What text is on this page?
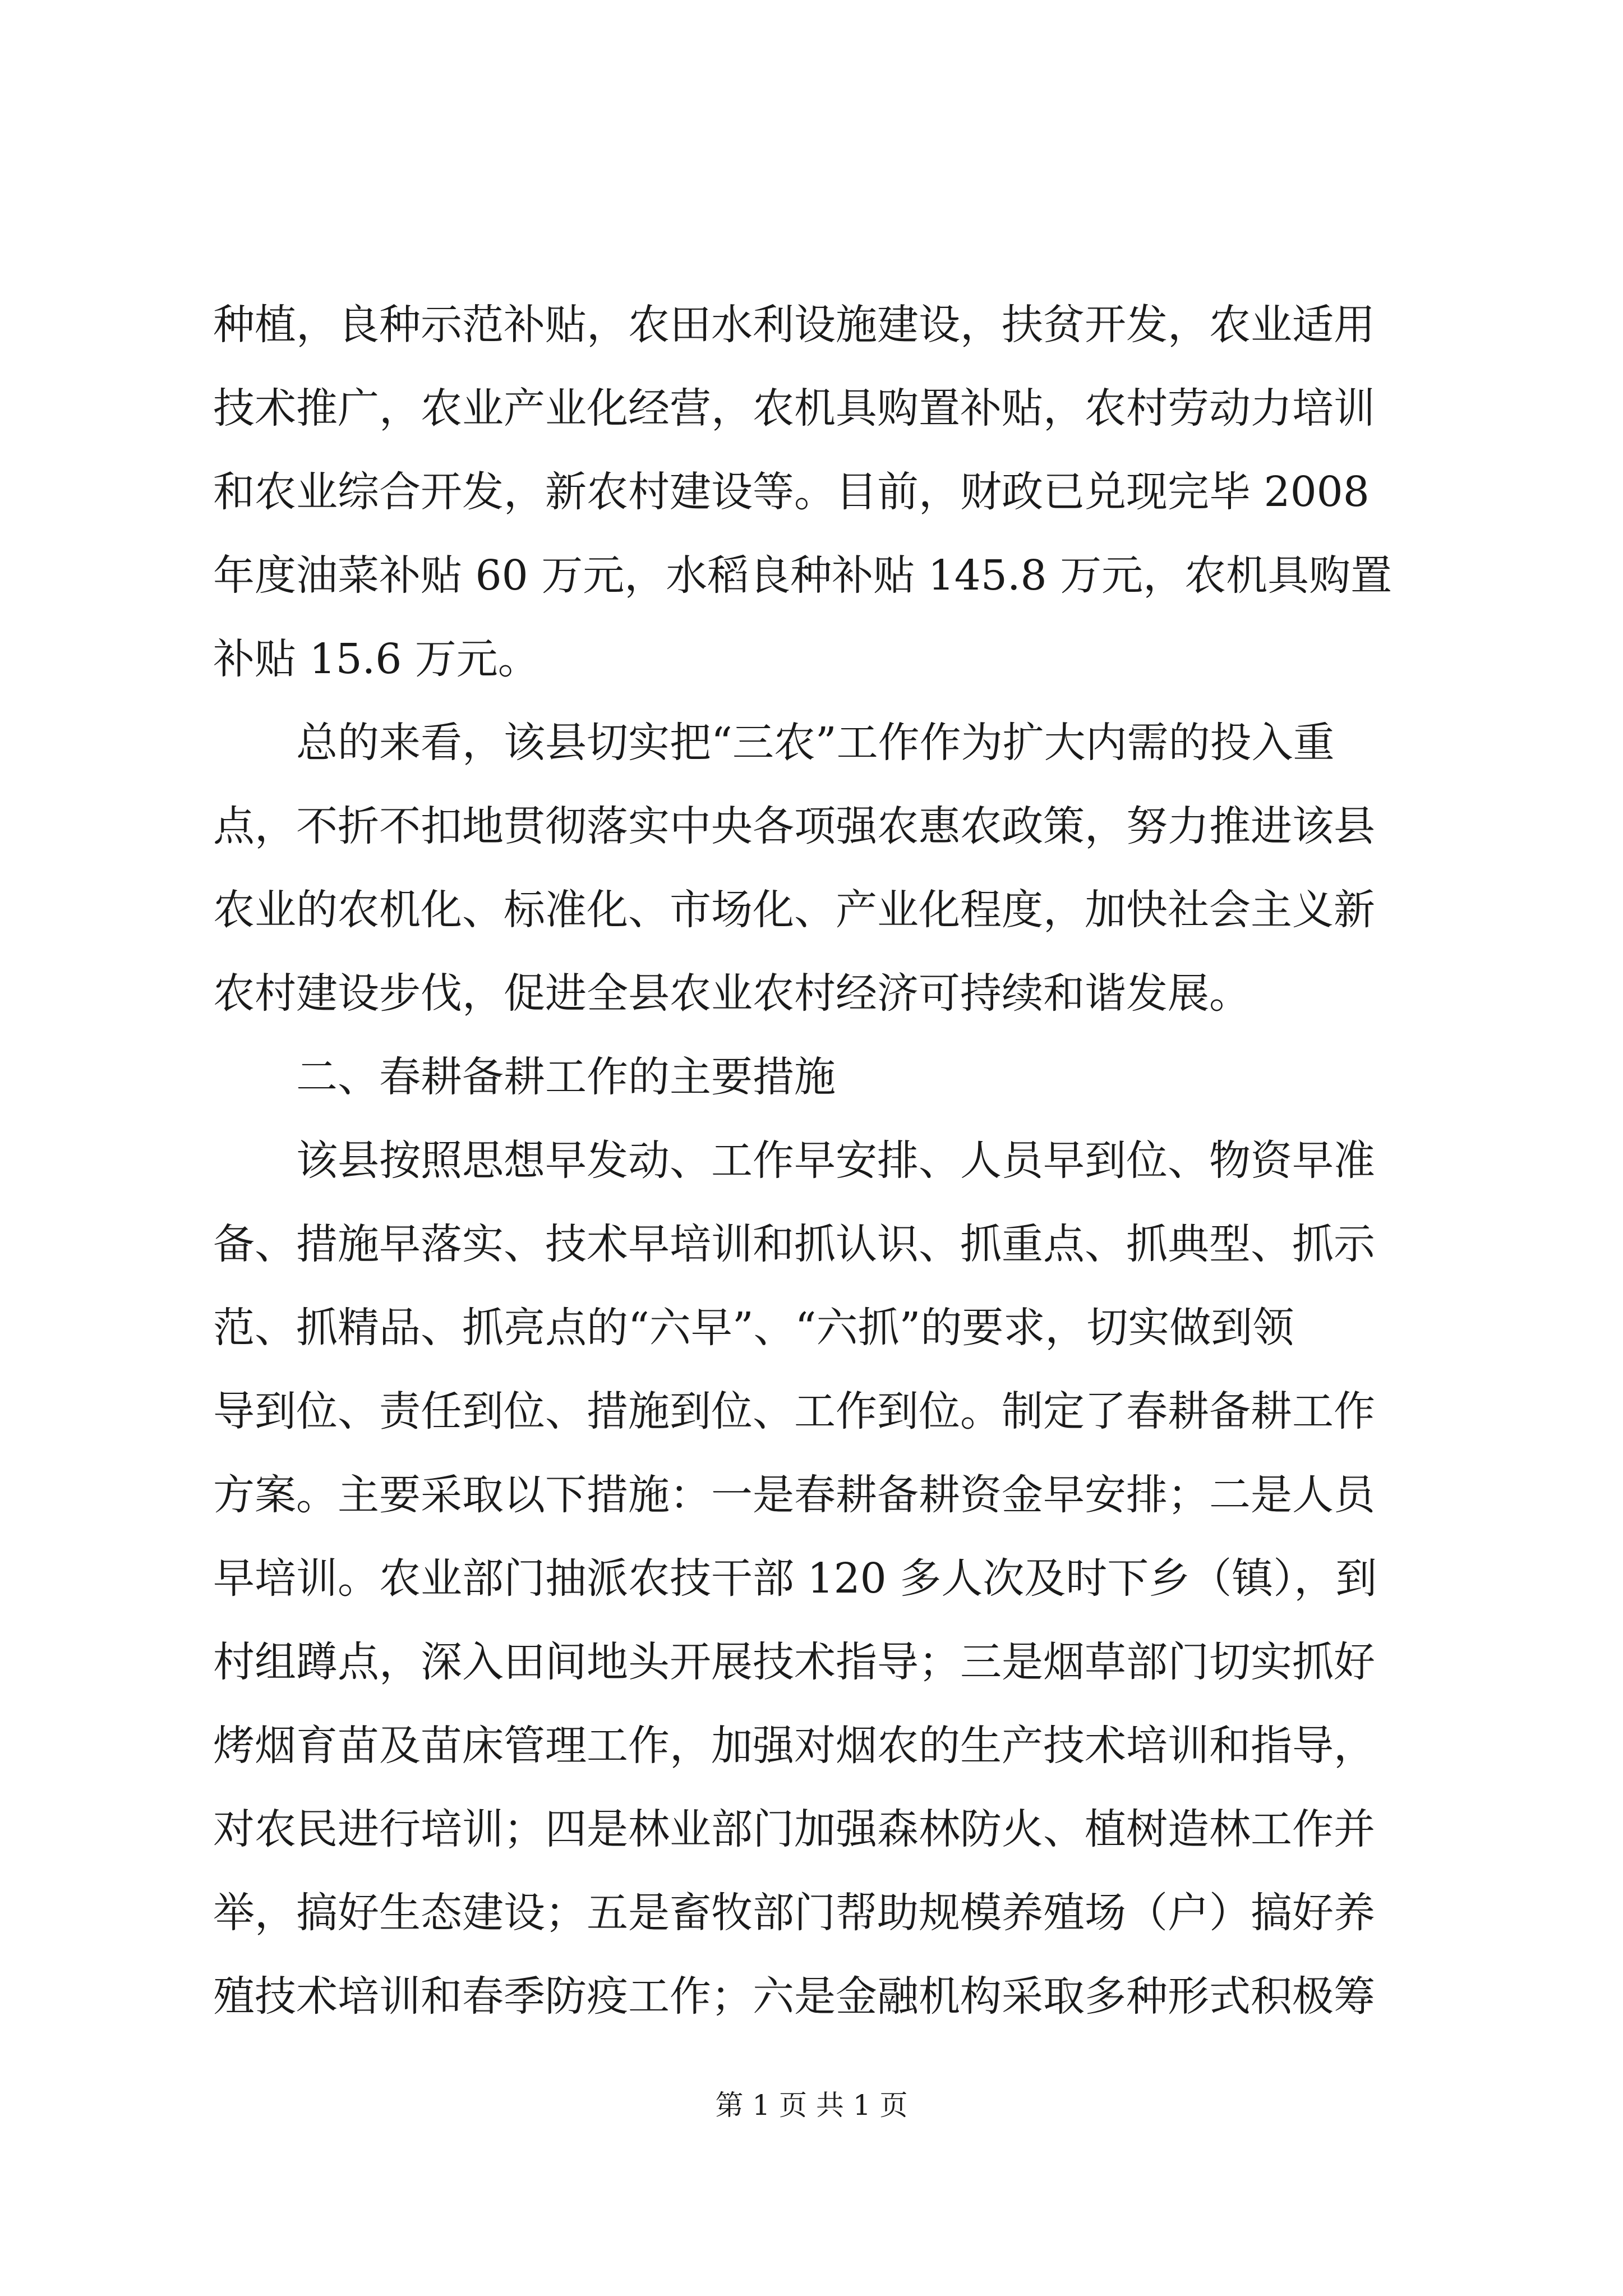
种植，良种示范补贴，农田水利设施建设，扶贫开发，农业适用
技术推广，农业产业化经营，农机具购置补贴，农村劳动力培训
和农业综合开发，新农村建设等。目前，财政已兑现完毕 2008
年度油菜补贴 60 万元，水稻良种补贴 145.8 万元，农机具购置
补贴 15.6 万元。
　　总的来看，该县切实把“三农”工作作为扩大内需的投入重
点，不折不扣地贯彻落实中央各项强农惠农政策，努力推进该县
农业的农机化、标准化、市场化、产业化程度，加快社会主义新
农村建设步伐，促进全县农业农村经济可持续和谐发展。
　　二、春耕备耕工作的主要措施
　　该县按照思想早发动、工作早安排、人员早到位、物资早准
备、措施早落实、技术早培训和抓认识、抓重点、抓典型、抓示
范、抓精品、抓亮点的“六早”、“六抓”的要求，切实做到领
导到位、责任到位、措施到位、工作到位。制定了春耕备耕工作
方案。主要采取以下措施：一是春耕备耕资金早安排；二是人员
早培训。农业部门抽派农技干部 120 多人次及时下乡（镇），到
村组蹲点，深入田间地头开展技术指导；三是烟草部门切实抓好
烤烟育苗及苗床管理工作，加强对烟农的生产技术培训和指导，
对农民进行培训；四是林业部门加强森林防火、植树造林工作并
举，搞好生态建设；五是畜牧部门帮助规模养殖场（户）搞好养
殖技术培训和春季防疫工作；六是金融机构采取多种形式积极筹
第 1 页 共 1 页
